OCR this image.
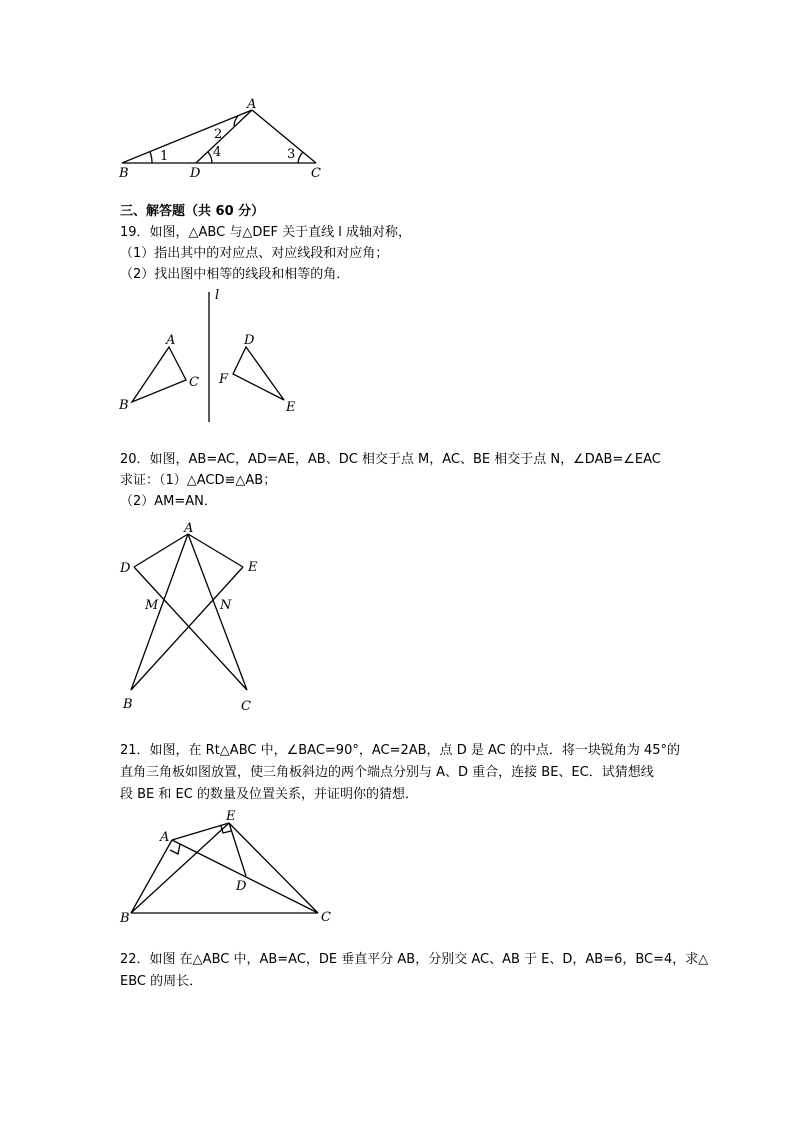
A
B	D	C
1
2
4	3
三、解答题（共 60 分）
19．如图，△ABC 与△DEF 关于直线 l 成轴对称，
（1）指出其中的对应点、对应线段和对应角；
（2）找出图中相等的线段和相等的角．
l
A
B
C
D
E
F
20．如图，AB=AC，AD=AE，AB、DC 相交于点 M，AC、BE 相交于点 N，∠DAB=∠EAC
求证：（1）△ACD≌△AB；
（2）AM=AN．
A
D	E
M	N
B	C
21．如图，在 Rt△ABC 中，∠BAC=90°，AC=2AB，点 D 是 AC 的中点．将一块锐角为 45°的
直角三角板如图放置，使三角板斜边的两个端点分别与 A、D 重合，连接 BE、EC．试猜想线
段 BE 和 EC 的数量及位置关系，并证明你的猜想．
A
E
D
B	C
22．如图 在△ABC 中，AB=AC，DE 垂直平分 AB，分别交 AC、AB 于 E、D，AB=6，BC=4，求△
EBC 的周长．
